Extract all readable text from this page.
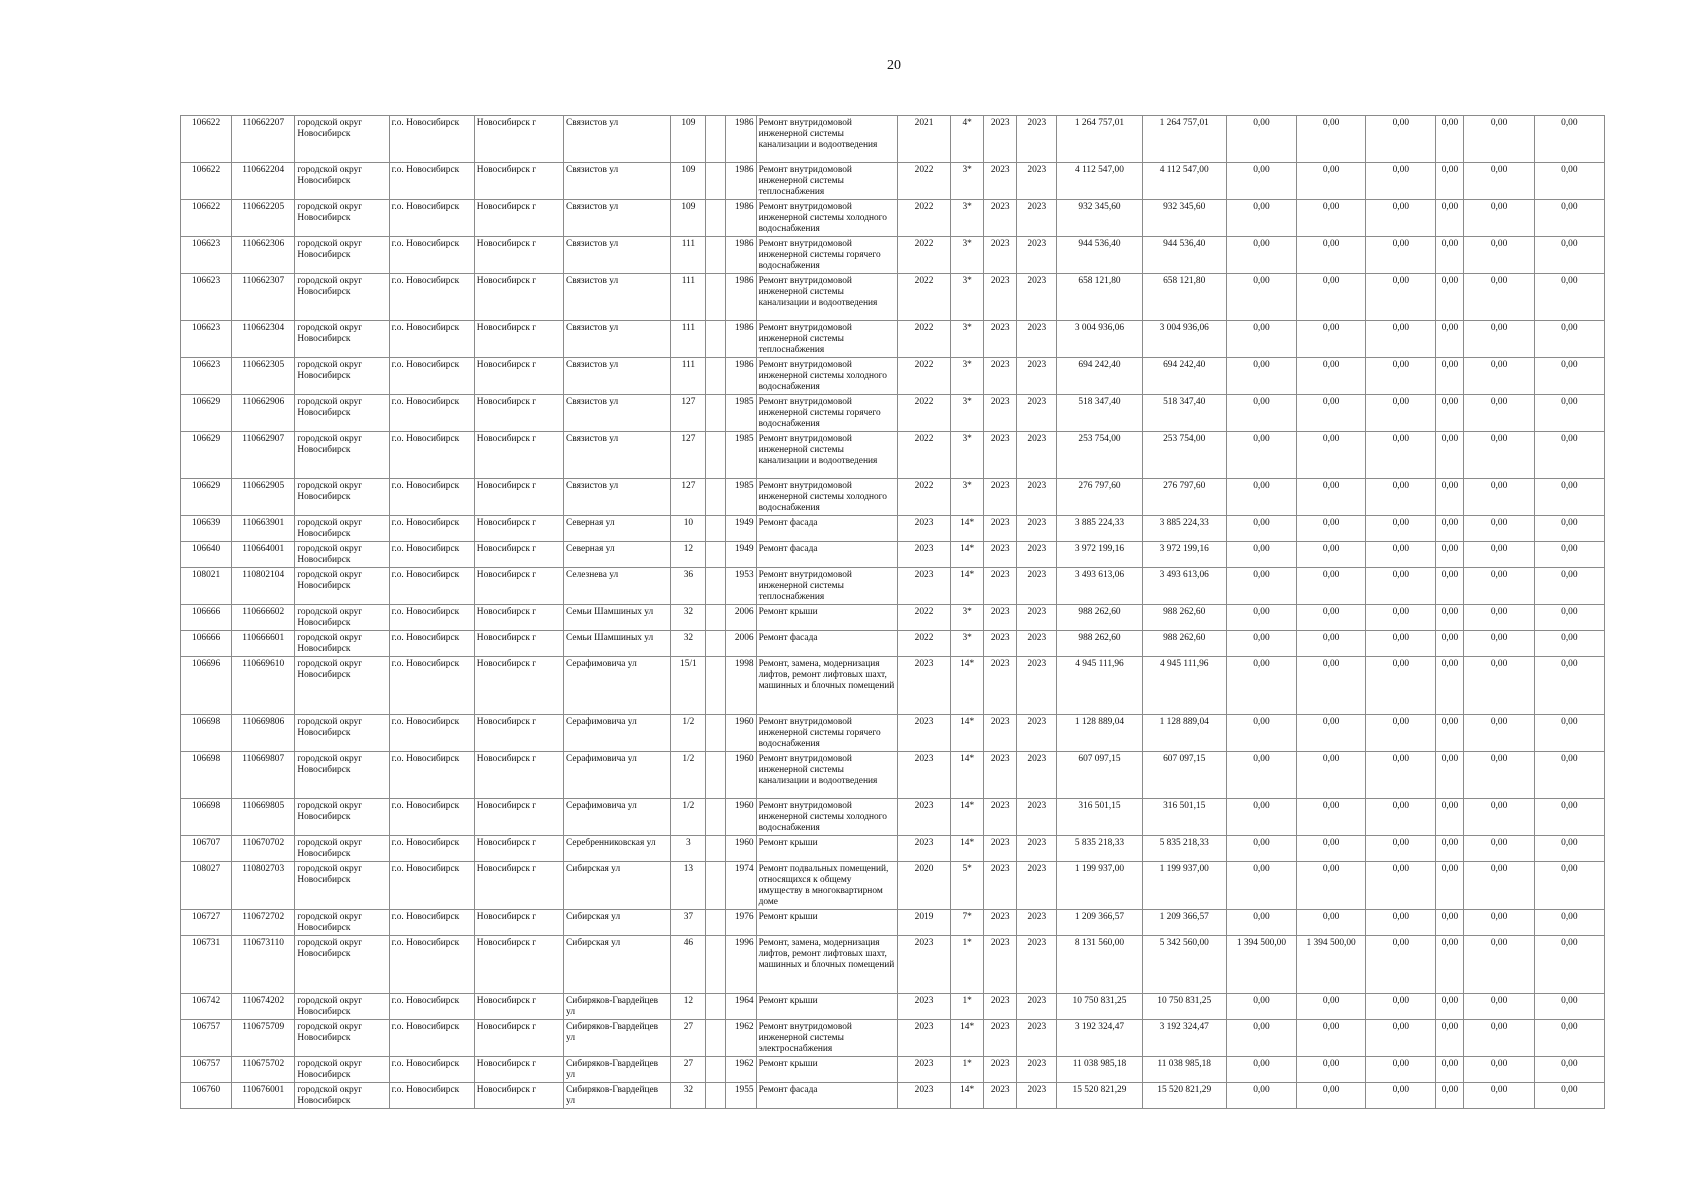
20
106622	110662207	городской округ Новосибирск	г.о. Новосибирск	Новосибирск г	Связистов ул	109		1986	Ремонт внутридомовой инженерной системы канализации и водоотведения	2021	4*	2023	2023	1 264 757,01	1 264 757,01	0,00	0,00	0,00	0,00	0,00	0,00
106622	110662204	городской округ Новосибирск	г.о. Новосибирск	Новосибирск г	Связистов ул	109		1986	Ремонт внутридомовой инженерной системы теплоснабжения	2022	3*	2023	2023	4 112 547,00	4 112 547,00	0,00	0,00	0,00	0,00	0,00	0,00
106622	110662205	городской округ Новосибирск	г.о. Новосибирск	Новосибирск г	Связистов ул	109		1986	Ремонт внутридомовой инженерной системы холодного водоснабжения	2022	3*	2023	2023	932 345,60	932 345,60	0,00	0,00	0,00	0,00	0,00	0,00
106623	110662306	городской округ Новосибирск	г.о. Новосибирск	Новосибирск г	Связистов ул	111		1986	Ремонт внутридомовой инженерной системы горячего водоснабжения	2022	3*	2023	2023	944 536,40	944 536,40	0,00	0,00	0,00	0,00	0,00	0,00
106623	110662307	городской округ Новосибирск	г.о. Новосибирск	Новосибирск г	Связистов ул	111		1986	Ремонт внутридомовой инженерной системы канализации и водоотведения	2022	3*	2023	2023	658 121,80	658 121,80	0,00	0,00	0,00	0,00	0,00	0,00
106623	110662304	городской округ Новосибирск	г.о. Новосибирск	Новосибирск г	Связистов ул	111		1986	Ремонт внутридомовой инженерной системы теплоснабжения	2022	3*	2023	2023	3 004 936,06	3 004 936,06	0,00	0,00	0,00	0,00	0,00	0,00
106623	110662305	городской округ Новосибирск	г.о. Новосибирск	Новосибирск г	Связистов ул	111		1986	Ремонт внутридомовой инженерной системы холодного водоснабжения	2022	3*	2023	2023	694 242,40	694 242,40	0,00	0,00	0,00	0,00	0,00	0,00
106629	110662906	городской округ Новосибирск	г.о. Новосибирск	Новосибирск г	Связистов ул	127		1985	Ремонт внутридомовой инженерной системы горячего водоснабжения	2022	3*	2023	2023	518 347,40	518 347,40	0,00	0,00	0,00	0,00	0,00	0,00
106629	110662907	городской округ Новосибирск	г.о. Новосибирск	Новосибирск г	Связистов ул	127		1985	Ремонт внутридомовой инженерной системы канализации и водоотведения	2022	3*	2023	2023	253 754,00	253 754,00	0,00	0,00	0,00	0,00	0,00	0,00
106629	110662905	городской округ Новосибирск	г.о. Новосибирск	Новосибирск г	Связистов ул	127		1985	Ремонт внутридомовой инженерной системы холодного водоснабжения	2022	3*	2023	2023	276 797,60	276 797,60	0,00	0,00	0,00	0,00	0,00	0,00
106639	110663901	городской округ Новосибирск	г.о. Новосибирск	Новосибирск г	Северная ул	10		1949	Ремонт фасада	2023	14*	2023	2023	3 885 224,33	3 885 224,33	0,00	0,00	0,00	0,00	0,00	0,00
106640	110664001	городской округ Новосибирск	г.о. Новосибирск	Новосибирск г	Северная ул	12		1949	Ремонт фасада	2023	14*	2023	2023	3 972 199,16	3 972 199,16	0,00	0,00	0,00	0,00	0,00	0,00
108021	110802104	городской округ Новосибирск	г.о. Новосибирск	Новосибирск г	Селезнева ул	36		1953	Ремонт внутридомовой инженерной системы теплоснабжения	2023	14*	2023	2023	3 493 613,06	3 493 613,06	0,00	0,00	0,00	0,00	0,00	0,00
106666	110666602	городской округ Новосибирск	г.о. Новосибирск	Новосибирск г	Семьи Шамшиных ул	32		2006	Ремонт крыши	2022	3*	2023	2023	988 262,60	988 262,60	0,00	0,00	0,00	0,00	0,00	0,00
106666	110666601	городской округ Новосибирск	г.о. Новосибирск	Новосибирск г	Семьи Шамшиных ул	32		2006	Ремонт фасада	2022	3*	2023	2023	988 262,60	988 262,60	0,00	0,00	0,00	0,00	0,00	0,00
106696	110669610	городской округ Новосибирск	г.о. Новосибирск	Новосибирск г	Серафимовича ул	15/1		1998	Ремонт, замена, модернизация лифтов, ремонт лифтовых шахт, машинных и блочных помещений	2023	14*	2023	2023	4 945 111,96	4 945 111,96	0,00	0,00	0,00	0,00	0,00	0,00
106698	110669806	городской округ Новосибирск	г.о. Новосибирск	Новосибирск г	Серафимовича ул	1/2		1960	Ремонт внутридомовой инженерной системы горячего водоснабжения	2023	14*	2023	2023	1 128 889,04	1 128 889,04	0,00	0,00	0,00	0,00	0,00	0,00
106698	110669807	городской округ Новосибирск	г.о. Новосибирск	Новосибирск г	Серафимовича ул	1/2		1960	Ремонт внутридомовой инженерной системы канализации и водоотведения	2023	14*	2023	2023	607 097,15	607 097,15	0,00	0,00	0,00	0,00	0,00	0,00
106698	110669805	городской округ Новосибирск	г.о. Новосибирск	Новосибирск г	Серафимовича ул	1/2		1960	Ремонт внутридомовой инженерной системы холодного водоснабжения	2023	14*	2023	2023	316 501,15	316 501,15	0,00	0,00	0,00	0,00	0,00	0,00
106707	110670702	городской округ Новосибирск	г.о. Новосибирск	Новосибирск г	Серебренниковская ул	3		1960	Ремонт крыши	2023	14*	2023	2023	5 835 218,33	5 835 218,33	0,00	0,00	0,00	0,00	0,00	0,00
108027	110802703	городской округ Новосибирск	г.о. Новосибирск	Новосибирск г	Сибирская ул	13		1974	Ремонт подвальных помещений, относящихся к общему имуществу в многоквартирном доме	2020	5*	2023	2023	1 199 937,00	1 199 937,00	0,00	0,00	0,00	0,00	0,00	0,00
106727	110672702	городской округ Новосибирск	г.о. Новосибирск	Новосибирск г	Сибирская ул	37		1976	Ремонт крыши	2019	7*	2023	2023	1 209 366,57	1 209 366,57	0,00	0,00	0,00	0,00	0,00	0,00
106731	110673110	городской округ Новосибирск	г.о. Новосибирск	Новосибирск г	Сибирская ул	46		1996	Ремонт, замена, модернизация лифтов, ремонт лифтовых шахт, машинных и блочных помещений	2023	1*	2023	2023	8 131 560,00	5 342 560,00	1 394 500,00	1 394 500,00	0,00	0,00	0,00	0,00
106742	110674202	городской округ Новосибирск	г.о. Новосибирск	Новосибирск г	Сибиряков-Гвардейцев ул	12		1964	Ремонт крыши	2023	1*	2023	2023	10 750 831,25	10 750 831,25	0,00	0,00	0,00	0,00	0,00	0,00
106757	110675709	городской округ Новосибирск	г.о. Новосибирск	Новосибирск г	Сибиряков-Гвардейцев ул	27		1962	Ремонт внутридомовой инженерной системы электроснабжения	2023	14*	2023	2023	3 192 324,47	3 192 324,47	0,00	0,00	0,00	0,00	0,00	0,00
106757	110675702	городской округ Новосибирск	г.о. Новосибирск	Новосибирск г	Сибиряков-Гвардейцев ул	27		1962	Ремонт крыши	2023	1*	2023	2023	11 038 985,18	11 038 985,18	0,00	0,00	0,00	0,00	0,00	0,00
106760	110676001	городской округ Новосибирск	г.о. Новосибирск	Новосибирск г	Сибиряков-Гвардейцев ул	32		1955	Ремонт фасада	2023	14*	2023	2023	15 520 821,29	15 520 821,29	0,00	0,00	0,00	0,00	0,00	0,00
